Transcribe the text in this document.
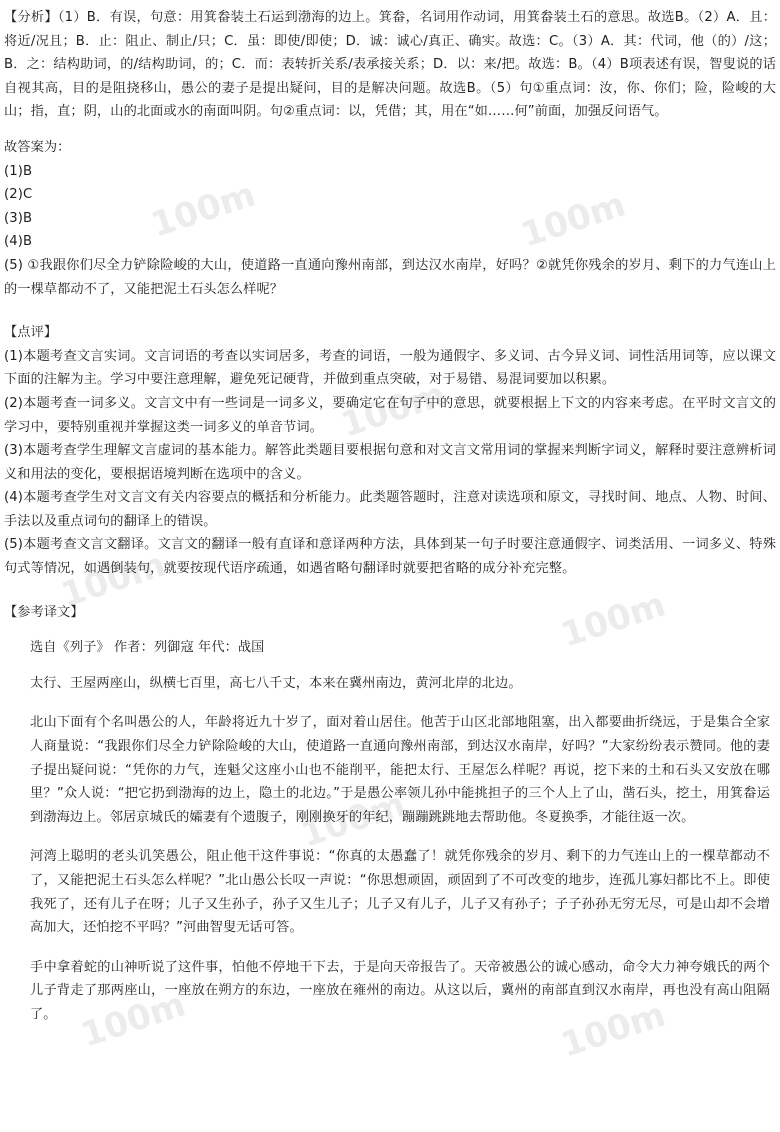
100m	100m
100m
100m
100m
100m
100m	100m

【分析】（1）B．有误，句意：用箕畚装土石运到渤海的边上。箕畚，名词用作动词，用箕畚装土石的意思。故选B。（2）A．且：将近/况且；B．止：阻止、制止/只；C．虽：即使/即使；D．诚：诚心/真正、确实。故选：C。（3）A．其：代词，他（的）/这；B．之：结构助词，的/结构助词，的；C．而：表转折关系/表承接关系；D．以：来/把。故选：B。（4）B项表述有误，智叟说的话自视其高，目的是阻挠移山，愚公的妻子是提出疑问，目的是解决问题。故选B。（5）句①重点词：汝，你、你们；险，险峻的大山；指，直；阴，山的北面或水的南面叫阴。句②重点词：以，凭借；其，用在“如……何”前面，加强反问语气。

故答案为：

(1)B

(2)C

(3)B

(4)B

(5) ①我跟你们尽全力铲除险峻的大山，使道路一直通向豫州南部，到达汉水南岸，好吗？②就凭你残余的岁月、剩下的力气连山上的一棵草都动不了，又能把泥土石头怎么样呢？

【点评】

(1)本题考查文言实词。文言词语的考查以实词居多，考查的词语，一般为通假字、多义词、古今异义词、词性活用词等，应以课文下面的注解为主。学习中要注意理解，避免死记硬背，并做到重点突破，对于易错、易混词要加以积累。

(2)本题考查一词多义。文言文中有一些词是一词多义，要确定它在句子中的意思，就要根据上下文的内容来考虑。在平时文言文的学习中，要特别重视并掌握这类一词多义的单音节词。

(3)本题考查学生理解文言虚词的基本能力。解答此类题目要根据句意和对文言文常用词的掌握来判断字词义，解释时要注意辨析词义和用法的变化，要根据语境判断在选项中的含义。

(4)本题考查学生对文言文有关内容要点的概括和分析能力。此类题答题时，注意对读选项和原文，寻找时间、地点、人物、时间、手法以及重点词句的翻译上的错误。

(5)本题考查文言文翻译。文言文的翻译一般有直译和意译两种方法，具体到某一句子时要注意通假字、词类活用、一词多义、特殊句式等情况，如遇倒装句，就要按现代语序疏通，如遇省略句翻译时就要把省略的成分补充完整。

【参考译文】

选自《列子》 作者：列御寇 年代：战国

太行、王屋两座山，纵横七百里，高七八千丈，本来在冀州南边，黄河北岸的北边。

北山下面有个名叫愚公的人，年龄将近九十岁了，面对着山居住。他苦于山区北部地阻塞，出入都要曲折绕远，于是集合全家人商量说：“我跟你们尽全力铲除险峻的大山，使道路一直通向豫州南部，到达汉水南岸，好吗？”大家纷纷表示赞同。他的妻子提出疑问说：“凭你的力气，连魁父这座小山也不能削平，能把太行、王屋怎么样呢？再说，挖下来的土和石头又安放在哪里？”众人说：“把它扔到渤海的边上，隐土的北边。”于是愚公率领儿孙中能挑担子的三个人上了山，凿石头，挖土，用箕畚运到渤海边上。邻居京城氏的孀妻有个遗腹子，刚刚换牙的年纪，蹦蹦跳跳地去帮助他。冬夏换季，才能往返一次。

河湾上聪明的老头讥笑愚公，阻止他干这件事说：“你真的太愚蠢了！就凭你残余的岁月、剩下的力气连山上的一棵草都动不了，又能把泥土石头怎么样呢？”北山愚公长叹一声说：“你思想顽固，顽固到了不可改变的地步，连孤儿寡妇都比不上。即使我死了，还有儿子在呀；儿子又生孙子，孙子又生儿子；儿子又有儿子，儿子又有孙子；子子孙孙无穷无尽，可是山却不会增高加大，还怕挖不平吗？”河曲智叟无话可答。

手中拿着蛇的山神听说了这件事，怕他不停地干下去，于是向天帝报告了。天帝被愚公的诚心感动，命令大力神夸娥氏的两个儿子背走了那两座山，一座放在朔方的东边，一座放在雍州的南边。从这以后，冀州的南部直到汉水南岸，再也没有高山阻隔了。
